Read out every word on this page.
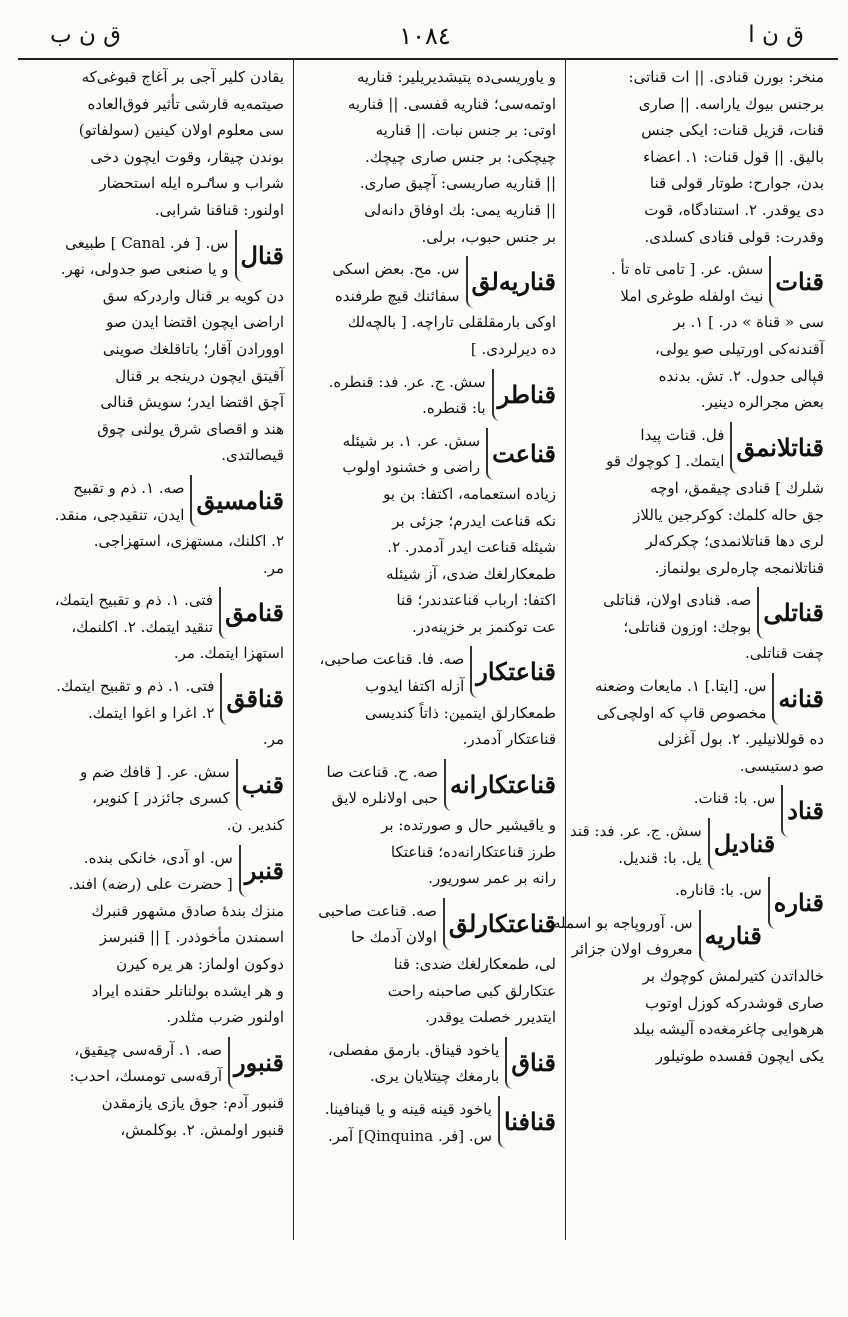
ق ن ا
١٠٨٤
ق ن ب
منخر: بورن قنادی. || ات قناتی:
برجنس بیوك یاراسه. || صاری
قنات، قزیل قنات: ایکی جنس
بالیق. || قول قنات: ١. اعضاء
بدن، جوارح: طوتار قولی قنا
دی یوقدر. ٢. استنادگاه، قوت
وقدرت: قولی قنادی کسلدی.
قنات
سش. عر. [ تامی تاه تأ .
نیث اولفله طوغری املا
سی « قناة » در. ] ١. بر
آقندنه‌کی اورتیلی صو یولی،
قپالی جدول. ٢. تش. بدنده
بعض مجرالره دینیر.
قناتلانمق
فل. قنات پیدا
ایتمك. [ کوچوك قو
شلرك ] قنادی چیقمق، اوچه
جق حاله کلمك: کوکرجین یاللاز
لری دها قناتلانمدی؛ چکرکه‌لر
قناتلانمجه چاره‌لری بولنماز.
قناتلی
صه. قنادی اولان، قناتلی
بوجك: اوزون قناتلی؛
چفت قناتلی.
قنانه
س. [ایتا.] ١. مایعات وضعنه
مخصوص قاپ که اولچی‌کی
ده قوللانیلیر. ٢. بول آغزلی
صو دستیسی.
قناد
س. با: قنات.
قنادیل
سش. ج. عر. فد: قند
یل. با: قندیل.
قناره
س. با: قاناره.
قناریه
س. آوروپاجه بو اسمله
معروف اولان جزائر
خالداتدن کتیرلمش کوچوك بر
صاری قوشدرکه کوزل اوتوب
هرهوایی چاغرمغه‌ده آلیشه بیلد
یکی ایچون قفسده طوتیلور
و یاوریسی‌ده یتیشدیریلیر: قناریه
اوتمه‌سی؛ قناریه قفسی. || قناریه
اوتی: بر جنس نبات. || قناریه
چیچکی: بر جنس صاری چیچك.
|| قناریه صاریسی: آچیق صاری.
|| قناریه یمی: بك اوفاق دانه‌لی
بر جنس حبوب، برلی.
قناریه‌لق
س. مح. بعض اسکی
سفائنك قیچ طرفنده
اوکی بارمقلقلی تاراچه. [ بالچه‌لك
ده دیرلردی. ]
قناطر
سش. ج. عر. فد: قنطره.
با: قنطره.
قناعت
سش. عر. ١. بر شیئله
راضی و خشنود اولوب
زیاده استعمامه، اکتفا: بن بو
نکه قناعت ایدرم؛ جزئی بر
شیئله قناعت ایدر آدمدر. ٢.
طمعکارلغك ضدی، آز شیئله
اکتفا: ارباب قناعتدندر؛ قنا
عت توکنمز بر خزینه‌در.
قناعتکار
صه. فا. قناعت صاحبی،
آزله اکتفا ایدوب
طمعکارلق ایتمین: ذاتاً کندیسی
قناعتکار آدمدر.
قناعتکارانه
صه. ح. قناعت صا
حبی اولانلره لایق
و یاقیشیر حال و صورتده: بر
طرز قناعتکارانه‌ده؛ قناعتکا
رانه بر عمر سوریور.
قناعتکارلق
صه. قناعت صاحبی
اولان آدمك حا
لی، طمعکارلغك ضدی: قنا
عتکارلق کبی صاحبنه راحت
ایتدیرر خصلت یوقدر.
قناق
یاخود قیناق. بارمق مفصلی،
بارمغك چیتلایان یری.
قنافنا
یاخود قینه قینه و یا قینافینا.
س. [فر. Qinquina] آمر.
یقادن کلیر آجی بر آغاج قبوغی‌که
صیتمه‌یه قارشی تأثیر فوق‌العاده
سی معلوم اولان کینین (سولفاتو)
بوندن چیقار، وقوت ایچون دخی
شراب و ساٸره ایله استحضار
اولنور: قناقنا شرابی.
قنال
س. [ فر. Canal ] طبیعی
و یا صنعی صو جدولی، نهر.
دن کویه بر قنال واردرکه سق
اراضی ایچون اقتضا ایدن صو
اوورادن آقار؛ باتاقلغك صوینی
آقیتق ایچون درینجه بر قنال
آچق اقتضا ایدر؛ سویش قنالی
هند و اقصای شرق یولنی چوق
قیصالتدی.
قنامسیق
صه. ١. ذم و تقبیح
ایدن، تنقیدجی، منقد.
٢. اکلنك، مستهزی، استهزاجی.
مر.
قنامق
فتی. ١. ذم و تقبیح ایتمك،
تنقید ایتمك. ٢. اکلنمك،
استهزا ایتمك. مر.
قناقق
فتی. ١. ذم و تقبیح ایتمك.
٢. اغرا و اغوا ایتمك.
مر.
قنب
سش. عر. [ قافك ضم و
کسری جائزدر ] کنویر،
کندیر. ن.
قنبر
س. او آدی، خانکی بنده.
[ حضرت علی (رضه) افند.
منزك بندهٔ صادق مشهور قنبرك
اسمندن مأخوذدر. ] || قنبرسز
دوکون اولماز: هر یره کیرن
و هر ایشده بولنانلر حقنده ایراد
اولنور ضرب مثلدر.
قنبور
صه. ١. آرقه‌سی چیقیق،
آرقه‌سی تومسك، احدب:
قنبور آدم: جوق یازی یازمقدن
قنبور اولمش. ٢. بوکلمش،
